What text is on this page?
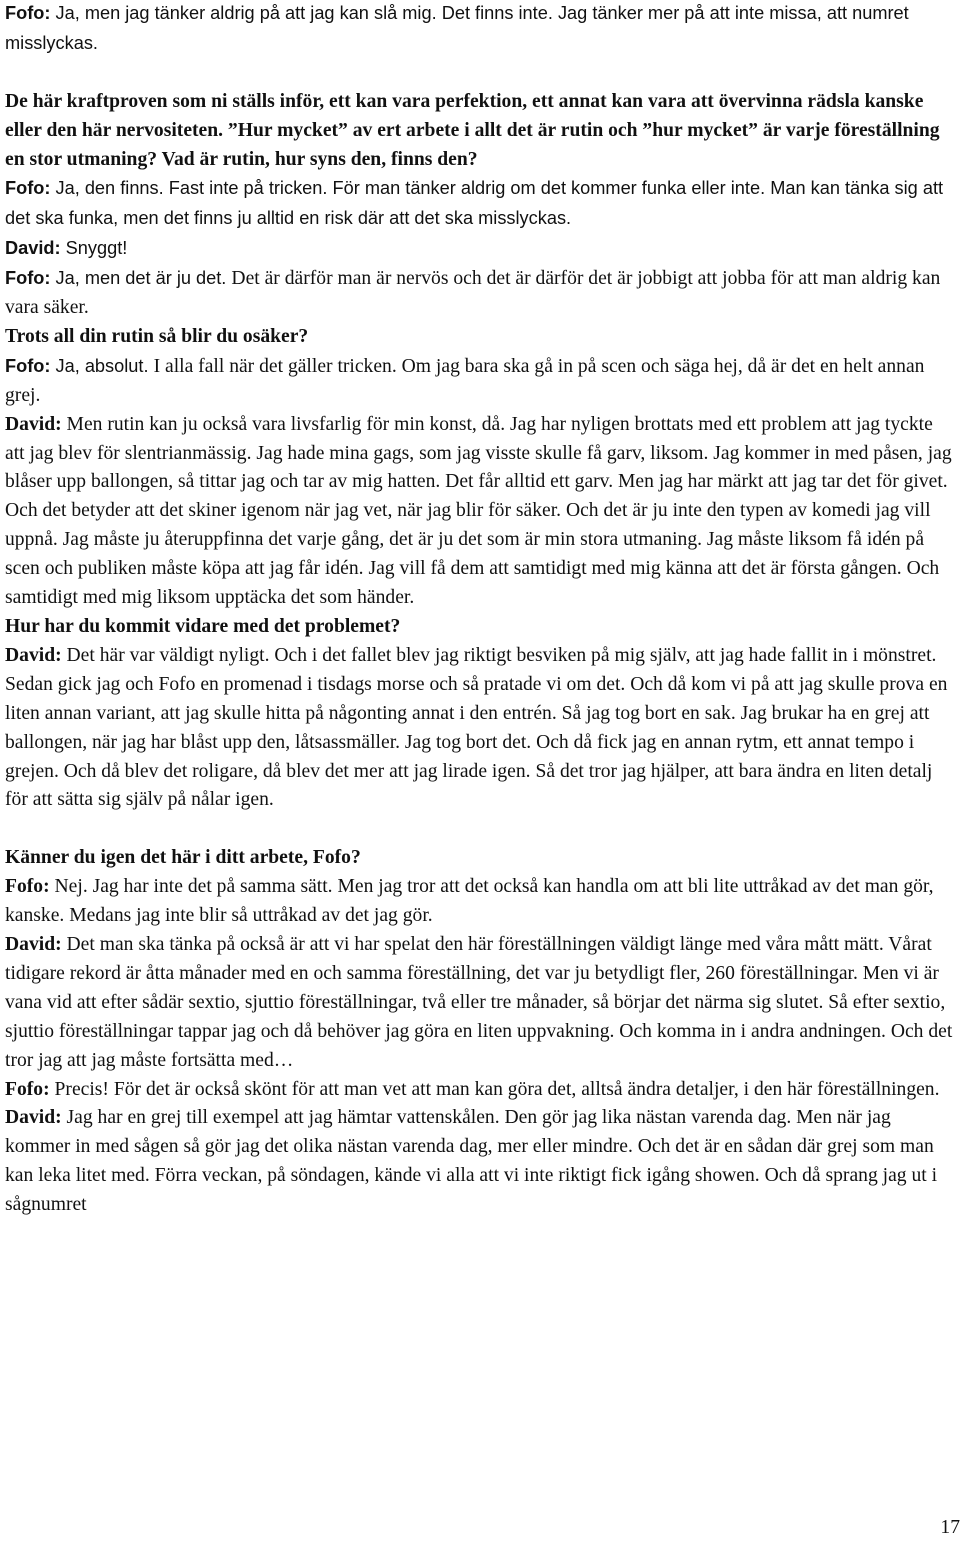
Fofo: Ja, men jag tänker aldrig på att jag kan slå mig. Det finns inte. Jag tänker mer på att inte missa, att numret misslyckas.

De här kraftproven som ni ställs inför, ett kan vara perfektion, ett annat kan vara att övervinna rädsla kanske eller den här nervositeten. ”Hur mycket” av ert arbete i allt det är rutin och ”hur mycket” är varje föreställning en stor utmaning? Vad är rutin, hur syns den, finns den?

Fofo: Ja, den finns. Fast inte på tricken. För man tänker aldrig om det kommer funka eller inte. Man kan tänka sig att det ska funka, men det finns ju alltid en risk där att det ska misslyckas.

David: Snyggt!

Fofo: Ja, men det är ju det. Det är därför man är nervös och det är därför det är jobbigt att jobba för att man aldrig kan vara säker.

Trots all din rutin så blir du osäker?

Fofo: Ja, absolut. I alla fall när det gäller tricken. Om jag bara ska gå in på scen och säga hej, då är det en helt annan grej.

David: Men rutin kan ju också vara livsfarlig för min konst, då. Jag har nyligen brottats med ett problem att jag tyckte att jag blev för slentrianmässig. Jag hade mina gags, som jag visste skulle få garv, liksom. Jag kommer in med påsen, jag blåser upp ballongen, så tittar jag och tar av mig hatten. Det får alltid ett garv. Men jag har märkt att jag tar det för givet. Och det betyder att det skiner igenom när jag vet, när jag blir för säker. Och det är ju inte den typen av komedi jag vill uppnå. Jag måste ju återuppfinna det varje gång, det är ju det som är min stora utmaning. Jag måste liksom få idén på scen och publiken måste köpa att jag får idén. Jag vill få dem att samtidigt med mig känna att det är första gången. Och samtidigt med mig liksom upptäcka det som händer.

Hur har du kommit vidare med det problemet?

David: Det här var väldigt nyligt. Och i det fallet blev jag riktigt besviken på mig själv, att jag hade fallit in i mönstret. Sedan gick jag och Fofo en promenad i tisdags morse och så pratade vi om det. Och då kom vi på att jag skulle prova en liten annan variant, att jag skulle hitta på någonting annat i den entrén. Så jag tog bort en sak. Jag brukar ha en grej att ballongen, när jag har blåst upp den, låtsassmäller. Jag tog bort det. Och då fick jag en annan rytm, ett annat tempo i grejen. Och då blev det roligare, då blev det mer att jag lirade igen. Så det tror jag hjälper, att bara ändra en liten detalj för att sätta sig själv på nålar igen.

Känner du igen det här i ditt arbete, Fofo?

Fofo: Nej. Jag har inte det på samma sätt. Men jag tror att det också kan handla om att bli lite uttråkad av det man gör, kanske. Medans jag inte blir så uttråkad av det jag gör.

David: Det man ska tänka på också är att vi har spelat den här föreställningen väldigt länge med våra mått mätt. Vårat tidigare rekord är åtta månader med en och samma föreställning, det var ju betydligt fler, 260 föreställningar. Men vi är vana vid att efter sådär sextio, sjuttio föreställningar, två eller tre månader, så börjar det närma sig slutet. Så efter sextio, sjuttio föreställningar tappar jag och då behöver jag göra en liten uppvakning. Och komma in i andra andningen. Och det tror jag att jag måste fortsätta med…

Fofo: Precis! För det är också skönt för att man vet att man kan göra det, alltså ändra detaljer, i den här föreställningen.

David: Jag har en grej till exempel att jag hämtar vattenskålen. Den gör jag lika nästan varenda dag. Men när jag kommer in med sågen så gör jag det olika nästan varenda dag, mer eller mindre. Och det är en sådan där grej som man kan leka litet med. Förra veckan, på söndagen, kände vi alla att vi inte riktigt fick igång showen. Och då sprang jag ut i sågnumret

17
